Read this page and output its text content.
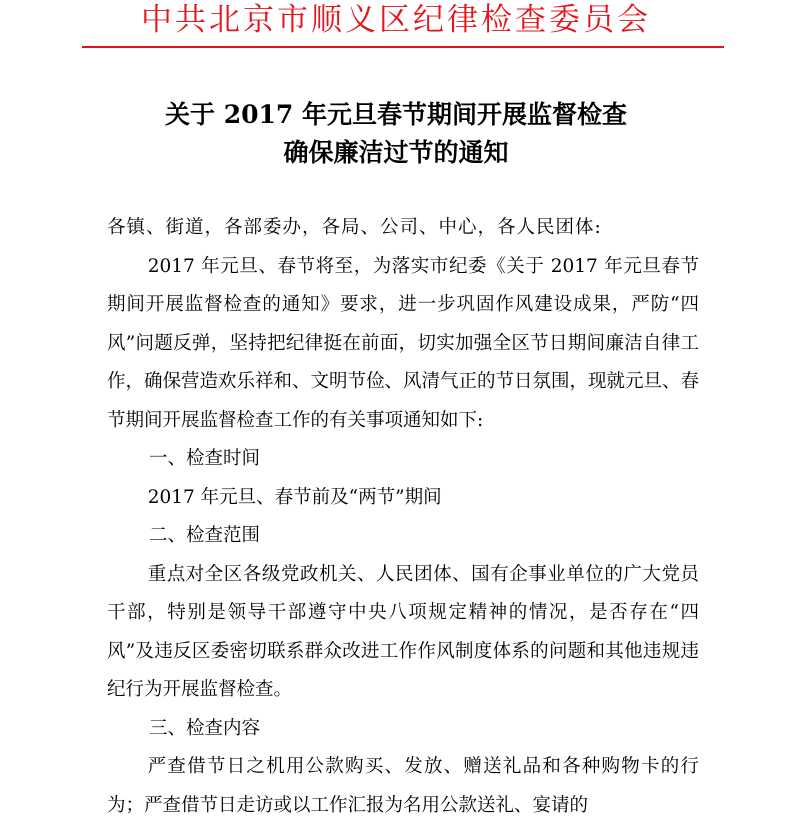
中共北京市顺义区纪律检查委员会
关于 2017 年元旦春节期间开展监督检查
确保廉洁过节的通知

各镇、街道，各部委办，各局、公司、中心，各人民团体:

2017 年元旦、春节将至，为落实市纪委《关于 2017 年元旦春节期间开展监督检查的通知》要求，进一步巩固作风建设成果，严防“四风”问题反弹，坚持把纪律挺在前面，切实加强全区节日期间廉洁自律工作，确保营造欢乐祥和、文明节俭、风清气正的节日氛围，现就元旦、春节期间开展监督检查工作的有关事项通知如下:

一、检查时间

2017 年元旦、春节前及“两节”期间

二、检查范围

重点对全区各级党政机关、人民团体、国有企事业单位的广大党员干部，特别是领导干部遵守中央八项规定精神的情况，是否存在“四风”及违反区委密切联系群众改进工作作风制度体系的问题和其他违规违纪行为开展监督检查。

三、检查内容

严查借节日之机用公款购买、发放、赠送礼品和各种购物卡的行为；严查借节日走访或以工作汇报为名用公款送礼、宴请的
